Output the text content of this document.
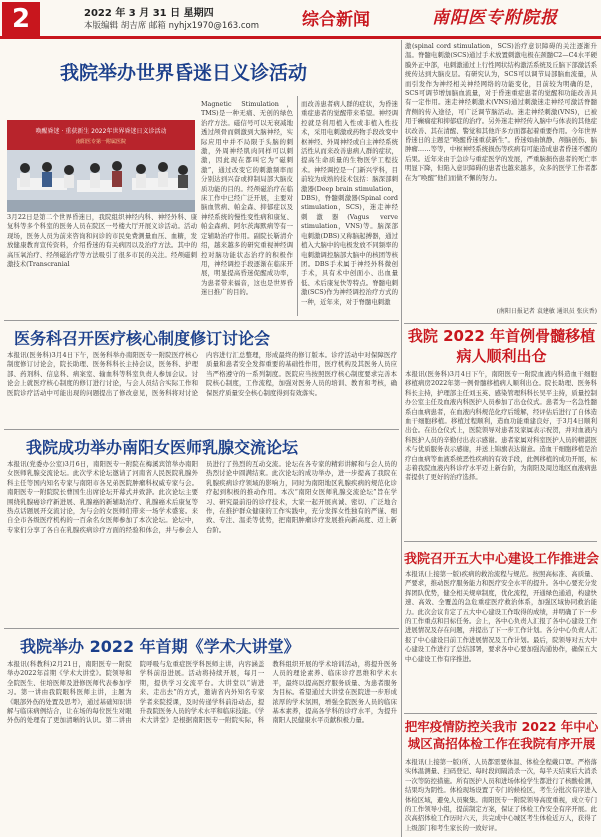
2	2022 年 3 月 31 日 星期四
本版编辑 胡吉席 邮箱 nyhjx1970@163.com	综合新闻	南阳医专附院报
我院举办世界昏迷日义诊活动
唤醒昏迷 · 重获新生 2022年世界昏迷日义诊活动
南阳医专第一附属医院
3月22日是第二个世界昏迷日，我院组织神经内科、神经外科、康复科等多个科室的医务人员在院区一号楼大厅开展义诊活动。活动现场，医务人员为前来咨询和问诊的市民免费测量血压、血糖，发放健康教育宣传资料，介绍昏迷的有关病因以及治疗方法。其中的高压氧治疗、经颅磁治疗等方法吸引了很多市民的关注。经颅磁刺激技术(Transcranial
Magnetic Stimulation，TMS)是一种无痛、无创的绿色治疗方法。磁信号可以无衰减地透过颅骨而刺激到大脑神经，实际应用中并不局限于头脑的刺激，外周神经肌肉同样可以刺激，因此现在都叫它为“磁刺激”，通过改变它的刺激频率而分别达到兴奋或抑制局部大脑皮质功能的目的。经颅磁治疗在临床工作中已经广泛开展，主要对脑血管病、帕金森、抑郁症以及神经系统的慢性变性病和康复、帕金森病、阿尔茨海默病等有一定辅助治疗作用。副院长靳清介绍，越来越多的研究重视神经调控对脑功能状态治疗的积极作用，神经调控手段逐渐在临床开展，明显提高昏迷促醒成功率，为患者带来福音，这也是世界昏迷日推广的目的。
而改善患者病人群的症状，为昏迷重症患者的觉醒带来希望。神经调控就是利用植入性或非植入性技术，采用电刺激或药物手段改变中枢神经、外周神经或自主神经系统活性从而来改善患病人群的症状，提高生命质量的生物医学工程技术。神经调控是一门新兴学科，目前较为成熟的技术包括：脑深部刺激器(Deep brain stimulation，DBS)，脊髓刺激器(Spinal cord stimulation，SCS)，迷走神经刺激器(Vagus verve stimulation，VNS)等。脑深部电刺激(DBS)又称脑起搏器，通过植入大脑中的电极发放不同频率的电刺激调控脑部大脑中的核团等核团。DBS手术属于神经外科微创手术，具有术中创面小、出血量低、术后康复快等特点。脊髓电刺激(SCS)作为神经调控治疗方式的一种，近年来，对于脊髓电刺激
激(spinal cord stimulation，SCS)治疗意识障碍的关注逐渐升温。脊髓电刺激(SCS)通过手术放置刺激电极在颈髓C2—C4水平硬膜外正中部，电刺激通过上行性网状结构激活系统及丘脑下部激活系统传达到大脑皮层。有研究认为，SCS可以调节局部脑血流量，从而引发作为神经相关神经网络的功能变化，目前较为明确的是，SCS可调节增加脑血流量，对于昏迷重症患者的觉醒和功能改善具有一定作用。迷走神经刺激术(VNS)通过刺激迷走神经可激活脊髓背侧的传入途径，可广泛调节脑活动。迷走神经刺激(VNS)，已被用于癫痫症和抑郁症的治疗。另外迷走神经传入脑中与体表的其他症状改善、其在清醒、警觉和其他许多方面都起着重要作用。今年世界昏迷日的主题是“唤醒昏迷重获新生”。昏迷如曲镇静、颅脑创伤、脑肿瘤……等等，中枢神经系统损伤等疾病有可能造成患者昏迷不醒的后果。近年来由于急诊与重症医学的发展，严重脑损伤患者的死亡率明显下降，但陷入意识障碍的患者也越来越多，众多的医学工作者都在为“唤醒”他们而做不懈的努力。
(南阳日报记者 袁建敏 通讯员 张庆香)
医务科召开医疗核心制度修订讨论会
本报讯(医务科)3月4日下午，医务科举办南阳医专一附院医疗核心制度修订讨论会，院长助理、医务科科长主持会议，医务科、护理部、药剂科、信息科、病案室、输血科等科室负责人参加会议。讨论会上就医疗核心制度的修订进行讨论，与会人员结合实际工作和医院诊疗活动中可能出现的问题提出了修改意见，医务科将对讨论内容进行汇总整理，形成最终的修订版本。诊疗活动中对保障医疗质量和患者安全发挥重要的基础性作用，医疗机构及其医务人员应当严格遵守的一系列制度。医院应当按照医疗核心制度要求完善本院核心制度，工作流程，加强对医务人员的培训、教育和考核，确保医疗质量安全核心制度得到有效落实。
我院成功举办南阳女医师乳腺交流论坛
本报讯(党委办公室)3月6日，南阳医专一附院在梅溪宾馆举办南阳女医师乳腺交流论坛。此次学术论坛邀请了河南省人民医院乳腺外科主任等国内知名专家与南阳市各兄弟医院肿瘤科权威专家与会。南阳医专一附院院长曹国生出席论坛开幕式并致辞。此次论坛主要围绕乳腺癌诊疗新进展、乳腺癌的新辅助治疗、乳腺癌术后康复等热点话题展开交流讨论，为与会的女医师们带来一场学术盛宴。来自全市各级医疗机构的一百余名女医师参加了本次论坛。论坛中，专家们分享了各自在乳腺疾病诊疗方面的经验和体会，并与参会人员进行了热烈的互动交流。论坛在各专家的精彩讲解和与会人员的热烈讨论中圆满结束。此次论坛的成功举办，进一步提高了我院在乳腺疾病诊疗领域的影响力，同时为南阳地区乳腺疾病的规范化诊疗起到积极的推动作用。本次“南阳女医师乳腺交流论坛”旨在学习、研究最前沿的诊疗技术，大家一起开展真诚、密切、广泛地合作，在推护群众健康的工作实践中，充分发挥女性独有的严谨、细致、专注、温柔等优势，把南阳肿瘤诊疗发展推向新高度、迈上新台阶。
我院举办 2022 年首期《学术大讲堂》
本报讯(科教科)2月21日，南阳医专一附院举办2022年首期《学术大讲堂》。院领导和全院医生、住培医师及进修医师代表参加学习。第一讲由我院眼科医师主讲，主题为《眼部外伤的处置及思考》，通过基础知识讲解与临床病例结合，让在场的每位医生对眼外伤的处理有了更加清晰的认识。第二讲由院呼吸与危重症医学科医师主讲，内容涵盖学科前沿进展。活动将持续开展，每月一期，提供学习交流平台。大讲堂以“请进来、走出去”的方式，邀请省内外知名专家学者来院授课，及时传递学科前沿动态，提升我院医务人员的学术水平和临床技能。《学术大讲堂》是根据南阳医专一附院实际，科教科组织开展的学术培训活动，将提升医务人员的理论素养、临床诊疗思维和学术水平，最终以提高医疗服务质量、为患者服务为目标。希望通过大讲堂在医院进一步形成浓厚的学术氛围，增强全院医务人员的临床基本素养，提高各学科的诊疗水平，为提升南阳人民健康水平贡献积极力量。
我院 2022 年首例骨髓移植病人顺利出仓
本报讯(医务科)3月4日下午，南阳医专一附院血液内科造血干细胞移植病房2022年第一例骨髓移植病人顺利出仓。院长助理、医务科科长主持，护理部主任刘玉英、感染管理科科长吴平主持，质量控制办公室主任及血液内科医护人员参加了出仓仪式。患者为一名急性髓系白血病患者，在血液内科规范化疗后缓解，经评估后进行了自体造血干细胞移植。移植过程顺利，造血功能重建良好，于3月4日顺利出仓。在出仓仪式上，医院领导对患者及家属表示祝贺，并对血液内科医护人员的辛勤付出表示感谢。患者家属对科室医护人员的精湛医术与优质服务表示感谢，并送上锦旗表达谢意。造血干细胞移植是治疗白血病等血液系统恶性疾病的有效手段，此例移植的成功开展，标志着我院血液内科诊疗水平迈上新台阶，为南阳及周边地区血液病患者提供了更好的治疗选择。
我院召开五大中心建设工作推进会
本报讯(上接第一版)疾病的救治流程与规范。按照高标准、高质量、严要求，推动医疗服务能力和医疗安全水平的提升。各中心要充分发挥团队优势，健全相关规章制度，优化流程，开通绿色通道，构建快速、高效、全覆盖的急危重症医疗救治体系，加强区域协同救治能力。此次会议肯定了五大中心建设工作取得的成绩，并明确了下一步的工作重点和目标任务。会上，各中心负责人汇报了各中心建设工作进展情况及存在问题，并提出了下一步工作计划。各分中心负责人汇报了中心建设目前工作进展情况及工作计划。最后，院领导对五大中心建设工作进行了总结部署，要求各中心要加强沟通协作，确保五大中心建设工作有序推进。
把牢疫情防控关我市 2022 年中心城区高招体检工作在我院有序开展
本报讯(上接第一版)所、人员都需要体温、体检全程戴口罩。严格落实体温测量、扫码登记、每时段间隔消杀一次，每半天结束后大消杀一次等防控措施。所有医护人员和进场体检学生都进行了核酸检测，结果均为阴性。体检现场设置了专门的候检区，考生分批次有序进入体检区域，避免人员聚集。南阳医专一附院领导高度重视，成立专门的工作领导小组，提前制定方案，保证了体检工作安全有序开展。此次高招体检工作历时六天，共完成中心城区考生体检近万人，获得了上级部门和考生家长的一致好评。
